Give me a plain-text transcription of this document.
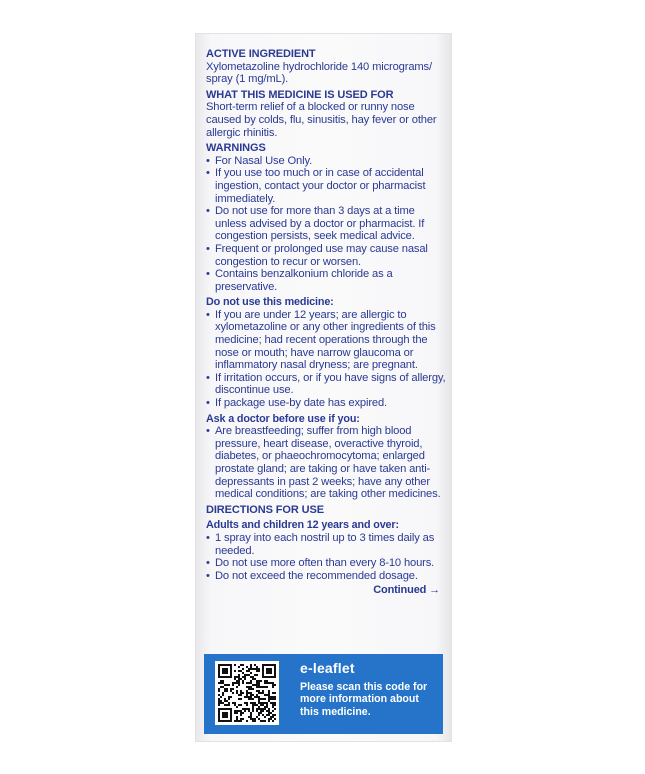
ACTIVE INGREDIENT
Xylometazoline hydrochloride 140 micrograms/ spray (1 mg/mL).
WHAT THIS MEDICINE IS USED FOR
Short-term relief of a blocked or runny nose caused by colds, flu, sinusitis, hay fever or other allergic rhinitis.
WARNINGS
• For Nasal Use Only.
• If you use too much or in case of accidental ingestion, contact your doctor or pharmacist immediately.
• Do not use for more than 3 days at a time unless advised by a doctor or pharmacist. If congestion persists, seek medical advice.
• Frequent or prolonged use may cause nasal congestion to recur or worsen.
• Contains benzalkonium chloride as a preservative.
Do not use this medicine:
• If you are under 12 years; are allergic to xylometazoline or any other ingredients of this medicine; had recent operations through the nose or mouth; have narrow glaucoma or inflammatory nasal dryness; are pregnant.
• If irritation occurs, or if you have signs of allergy, discontinue use.
• If package use-by date has expired.
Ask a doctor before use if you:
• Are breastfeeding; suffer from high blood pressure, heart disease, overactive thyroid, diabetes, or phaeochromocytoma; enlarged prostate gland; are taking or have taken anti-depressants in past 2 weeks; have any other medical conditions; are taking other medicines.
DIRECTIONS FOR USE
Adults and children 12 years and over:
• 1 spray into each nostril up to 3 times daily as needed.
• Do not use more often than every 8-10 hours.
• Do not exceed the recommended dosage.
Continued →
e-leaflet
Please scan this code for more information about this medicine.
